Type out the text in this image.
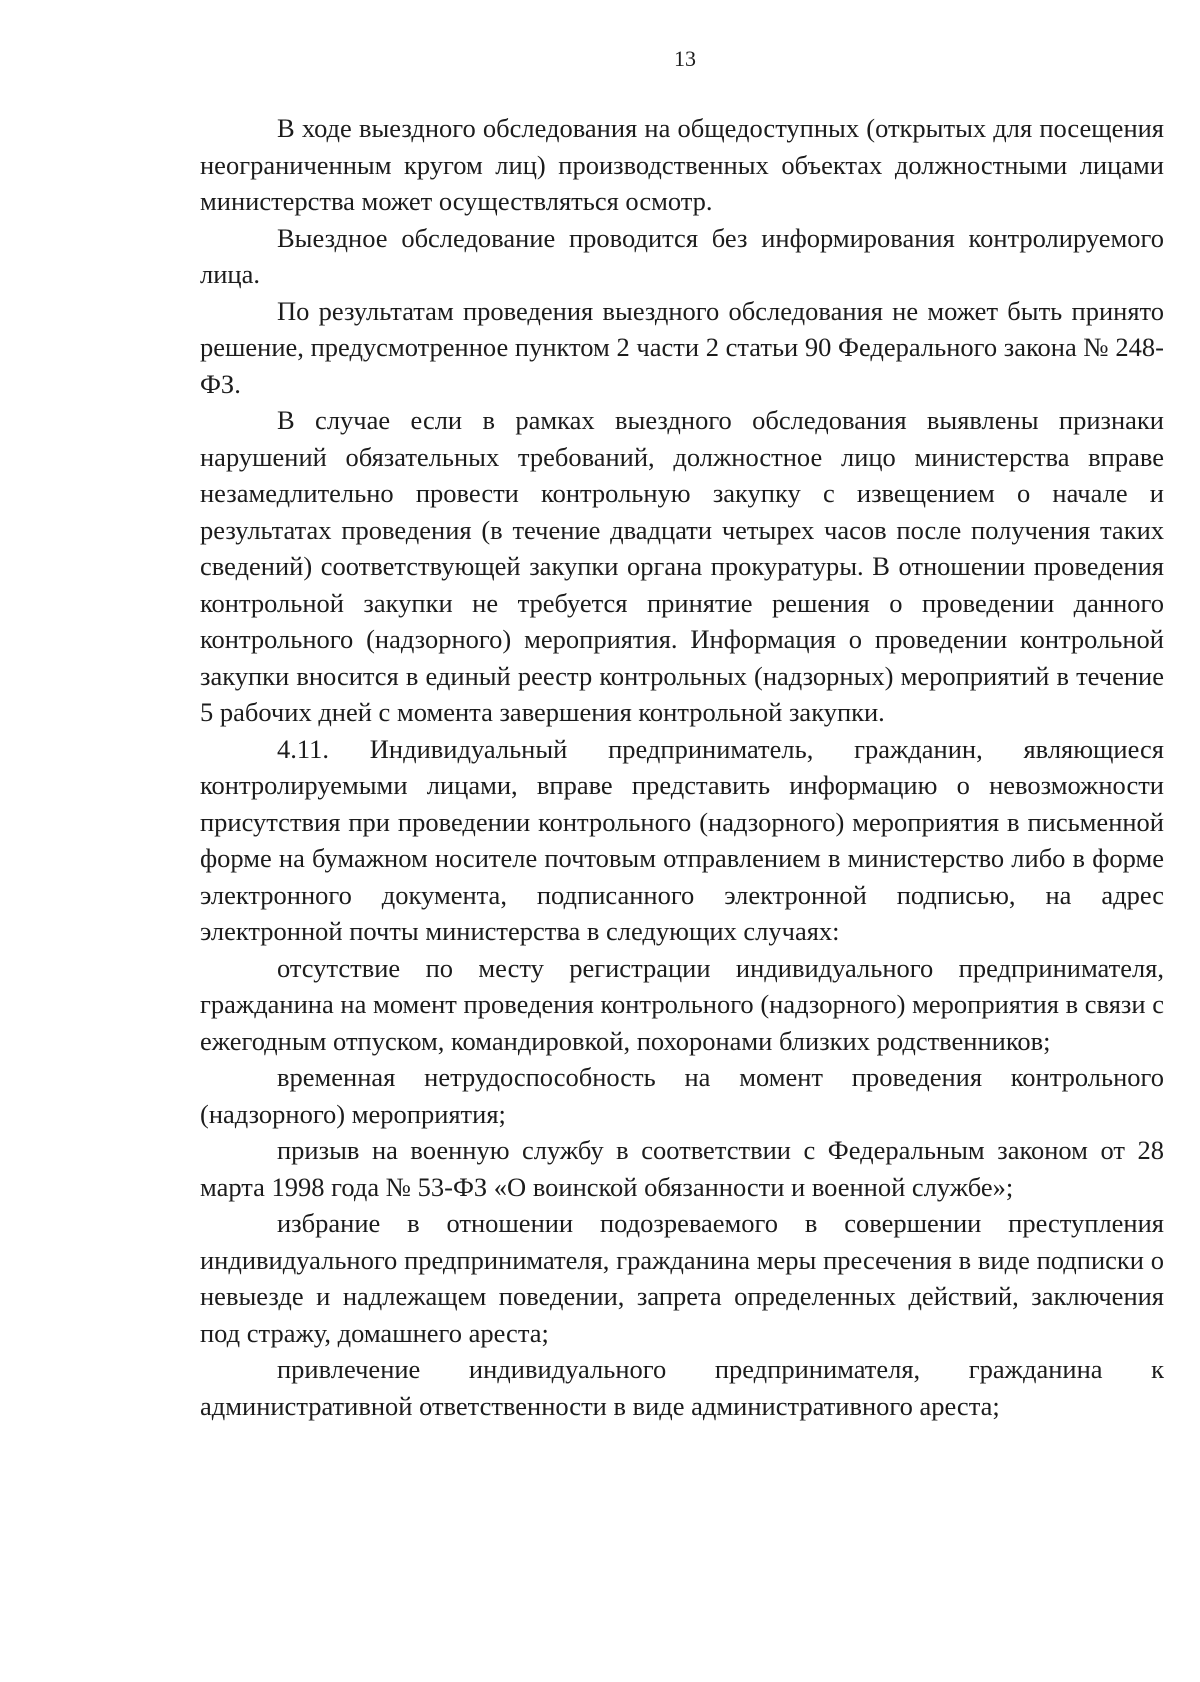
13

В ходе выездного обследования на общедоступных (открытых для посещения неограниченным кругом лиц) производственных объектах должностными лицами министерства может осуществляться осмотр.

Выездное обследование проводится без информирования контролируемого лица.

По результатам проведения выездного обследования не может быть принято решение, предусмотренное пунктом 2 части 2 статьи 90 Федерального закона № 248-ФЗ.

В случае если в рамках выездного обследования выявлены признаки нарушений обязательных требований, должностное лицо министерства вправе незамедлительно провести контрольную закупку с извещением о начале и результатах проведения (в течение двадцати четырех часов после получения таких сведений) соответствующей закупки органа прокуратуры. В отношении проведения контрольной закупки не требуется принятие решения о проведении данного контрольного (надзорного) мероприятия. Информация о проведении контрольной закупки вносится в единый реестр контрольных (надзорных) мероприятий в течение 5 рабочих дней с момента завершения контрольной закупки.

4.11. Индивидуальный предприниматель, гражданин, являющиеся контролируемыми лицами, вправе представить информацию о невозможности присутствия при проведении контрольного (надзорного) мероприятия в письменной форме на бумажном носителе почтовым отправлением в министерство либо в форме электронного документа, подписанного электронной подписью, на адрес электронной почты министерства в следующих случаях:

отсутствие по месту регистрации индивидуального предпринимателя, гражданина на момент проведения контрольного (надзорного) мероприятия в связи с ежегодным отпуском, командировкой, похоронами близких родственников;

временная нетрудоспособность на момент проведения контрольного (надзорного) мероприятия;

призыв на военную службу в соответствии с Федеральным законом от 28 марта 1998 года № 53-ФЗ «О воинской обязанности и военной службе»;

избрание в отношении подозреваемого в совершении преступления индивидуального предпринимателя, гражданина меры пресечения в виде подписки о невыезде и надлежащем поведении, запрета определенных действий, заключения под стражу, домашнего ареста;

привлечение индивидуального предпринимателя, гражданина к административной ответственности в виде административного ареста;
